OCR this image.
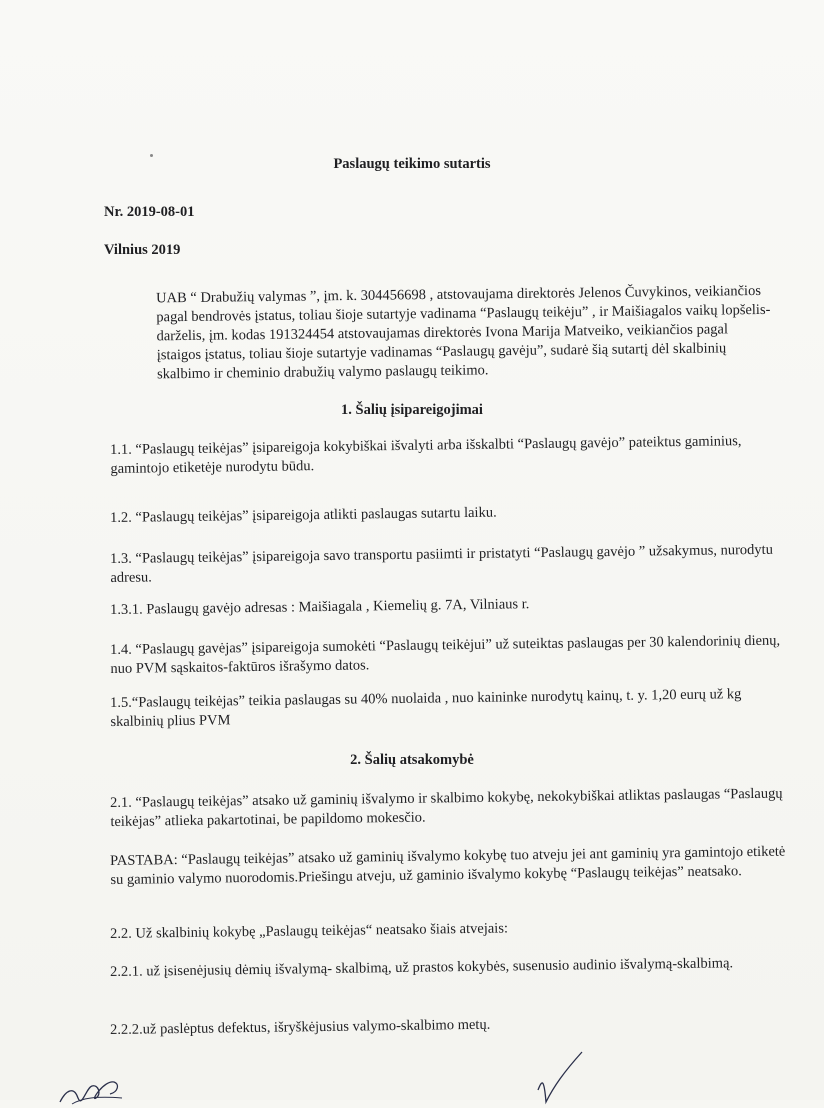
Paslaugų teikimo sutartis
Nr. 2019-08-01
Vilnius 2019
UAB “ Drabužių valymas ”, įm. k. 304456698 , atstovaujama direktorės Jelenos Čuvykinos, veikiančios pagal bendrovės įstatus, toliau šioje sutartyje vadinama “Paslaugų teikėju” , ir Maišiagalos vaikų lopšelis-darželis, įm. kodas 191324454 atstovaujamas direktorės Ivona Marija Matveiko, veikiančios pagal įstaigos įstatus, toliau šioje sutartyje vadinamas “Paslaugų gavėju”, sudarė šią sutartį dėl skalbinių skalbimo ir cheminio drabužių valymo paslaugų teikimo.
1. Šalių įsipareigojimai
1.1. “Paslaugų teikėjas” įsipareigoja kokybiškai išvalyti arba išskalbti “Paslaugų gavėjo” pateiktus gaminius, gamintojo etiketėje nurodytu būdu.
1.2. “Paslaugų teikėjas” įsipareigoja atlikti paslaugas sutartu laiku.
1.3. “Paslaugų teikėjas” įsipareigoja savo transportu pasiimti ir pristatyti “Paslaugų gavėjo ” užsakymus, nurodytu adresu.
1.3.1. Paslaugų gavėjo adresas : Maišiagala , Kiemelių g. 7A, Vilniaus r.
1.4. “Paslaugų gavėjas” įsipareigoja sumokėti “Paslaugų teikėjui” už suteiktas paslaugas per 30 kalendorinių dienų, nuo PVM sąskaitos-faktūros išrašymo datos.
1.5.“Paslaugų teikėjas” teikia paslaugas su 40% nuolaida , nuo kaininke nurodytų kainų, t. y. 1,20 eurų už kg skalbinių plius PVM
2. Šalių atsakomybė
2.1. “Paslaugų teikėjas” atsako už gaminių išvalymo ir skalbimo kokybę, nekokybiškai atliktas paslaugas “Paslaugų teikėjas” atlieka pakartotinai, be papildomo mokesčio.
PASTABA: “Paslaugų teikėjas” atsako už gaminių išvalymo kokybę tuo atveju jei ant gaminių yra gamintojo etiketė su gaminio valymo nuorodomis.Priešingu atveju, už gaminio išvalymo kokybę “Paslaugų teikėjas” neatsako.
2.2. Už skalbinių kokybę „Paslaugų teikėjas“ neatsako šiais atvejais:
2.2.1. už įsisenėjusių dėmių išvalymą- skalbimą, už prastos kokybės, susenusio audinio išvalymą-skalbimą.
2.2.2.už paslėptus defektus, išryškėjusius valymo-skalbimo metų.
